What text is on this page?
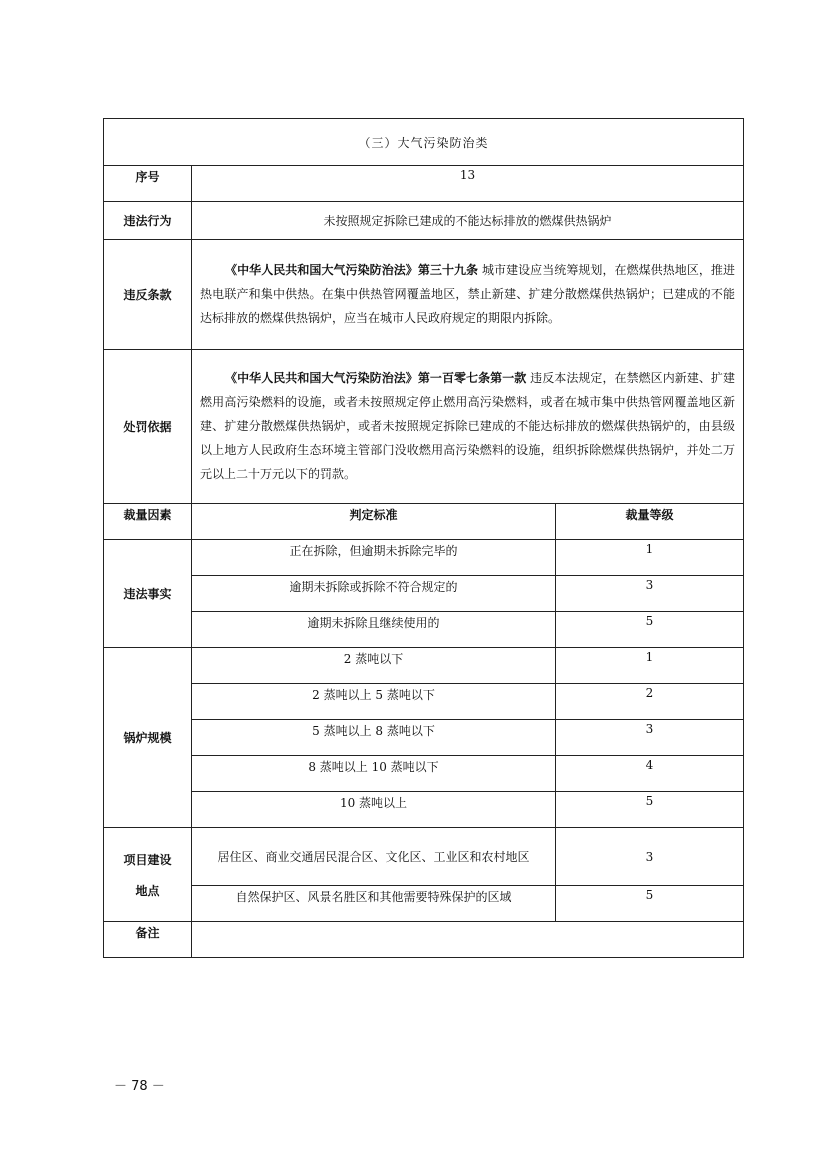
（三）大气污染防治类		
序号	13	
违法行为	未按照规定拆除已建成的不能达标排放的燃煤供热锅炉	
违反条款	《中华人民共和国大气污染防治法》第三十九条 城市建设应当统筹规划，在燃煤供热地区，推进热电联产和集中供热。在集中供热管网覆盖地区，禁止新建、扩建分散燃煤供热锅炉；已建成的不能达标排放的燃煤供热锅炉，应当在城市人民政府规定的期限内拆除。	
处罚依据	《中华人民共和国大气污染防治法》第一百零七条第一款 违反本法规定，在禁燃区内新建、扩建燃用高污染燃料的设施，或者未按照规定停止燃用高污染燃料，或者在城市集中供热管网覆盖地区新建、扩建分散燃煤供热锅炉，或者未按照规定拆除已建成的不能达标排放的燃煤供热锅炉的，由县级以上地方人民政府生态环境主管部门没收燃用高污染燃料的设施，组织拆除燃煤供热锅炉，并处二万元以上二十万元以下的罚款。	
裁量因素	判定标准	裁量等级
违法事实	正在拆除，但逾期未拆除完毕的	1
	逾期未拆除或拆除不符合规定的	3
	逾期未拆除且继续使用的	5
锅炉规模	2 蒸吨以下	1
	2 蒸吨以上 5 蒸吨以下	2
	5 蒸吨以上 8 蒸吨以下	3
	8 蒸吨以上 10 蒸吨以下	4
	10 蒸吨以上	5

项目建设
地点	居住区、商业交通居民混合区、文化区、工业区和农村地区	3
	自然保护区、风景名胜区和其他需要特殊保护的区域	5
备注		
－ 78 －
